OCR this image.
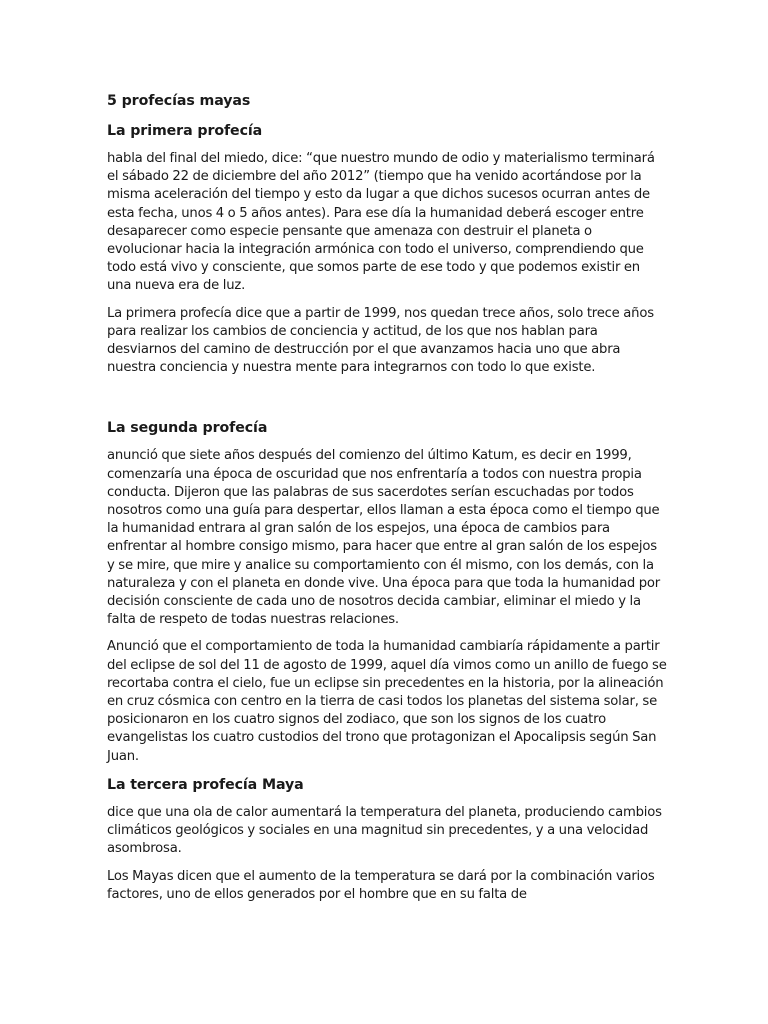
5 profecías mayas
La primera profecía

habla del final del miedo, dice: “que nuestro mundo de odio y materialismo terminará el sábado 22 de diciembre del año 2012” (tiempo que ha venido acortándose por la misma aceleración del tiempo y esto da lugar a que dichos sucesos ocurran antes de esta fecha, unos 4 o 5 años antes). Para ese día la humanidad deberá escoger entre desaparecer como especie pensante que amenaza con destruir el planeta o evolucionar hacia la integración armónica con todo el universo, comprendiendo que todo está vivo y consciente, que somos parte de ese todo y que podemos existir en una nueva era de luz.

La primera profecía dice que a partir de 1999, nos quedan trece años, solo trece años para realizar los cambios de conciencia y actitud, de los que nos hablan para desviarnos del camino de destrucción por el que avanzamos hacia uno que abra nuestra conciencia y nuestra mente para integrarnos con todo lo que existe.

La segunda profecía

anunció que siete años después del comienzo del último Katum, es decir en 1999, comenzaría una época de oscuridad que nos enfrentaría a todos con nuestra propia conducta. Dijeron que las palabras de sus sacerdotes serían escuchadas por todos nosotros como una guía para despertar, ellos llaman a esta época como el tiempo que la humanidad entrara al gran salón de los espejos, una época de cambios para enfrentar al hombre consigo mismo, para hacer que entre al gran salón de los espejos y se mire, que mire y analice su comportamiento con él mismo, con los demás, con la naturaleza y con el planeta en donde vive. Una época para que toda la humanidad por decisión consciente de cada uno de nosotros decida cambiar, eliminar el miedo y la falta de respeto de todas nuestras relaciones.

Anunció que el comportamiento de toda la humanidad cambiaría rápidamente a partir del eclipse de sol del 11 de agosto de 1999, aquel día vimos como un anillo de fuego se recortaba contra el cielo, fue un eclipse sin precedentes en la historia, por la alineación en cruz cósmica con centro en la tierra de casi todos los planetas del sistema solar, se posicionaron en los cuatro signos del zodiaco, que son los signos de los cuatro evangelistas los cuatro custodios del trono que protagonizan el Apocalipsis según San Juan.

La tercera profecía Maya

dice que una ola de calor aumentará la temperatura del planeta, produciendo cambios climáticos geológicos y sociales en una magnitud sin precedentes, y a una velocidad asombrosa.

Los Mayas dicen que el aumento de la temperatura se dará por la combinación varios factores, uno de ellos generados por el hombre que en su falta de
